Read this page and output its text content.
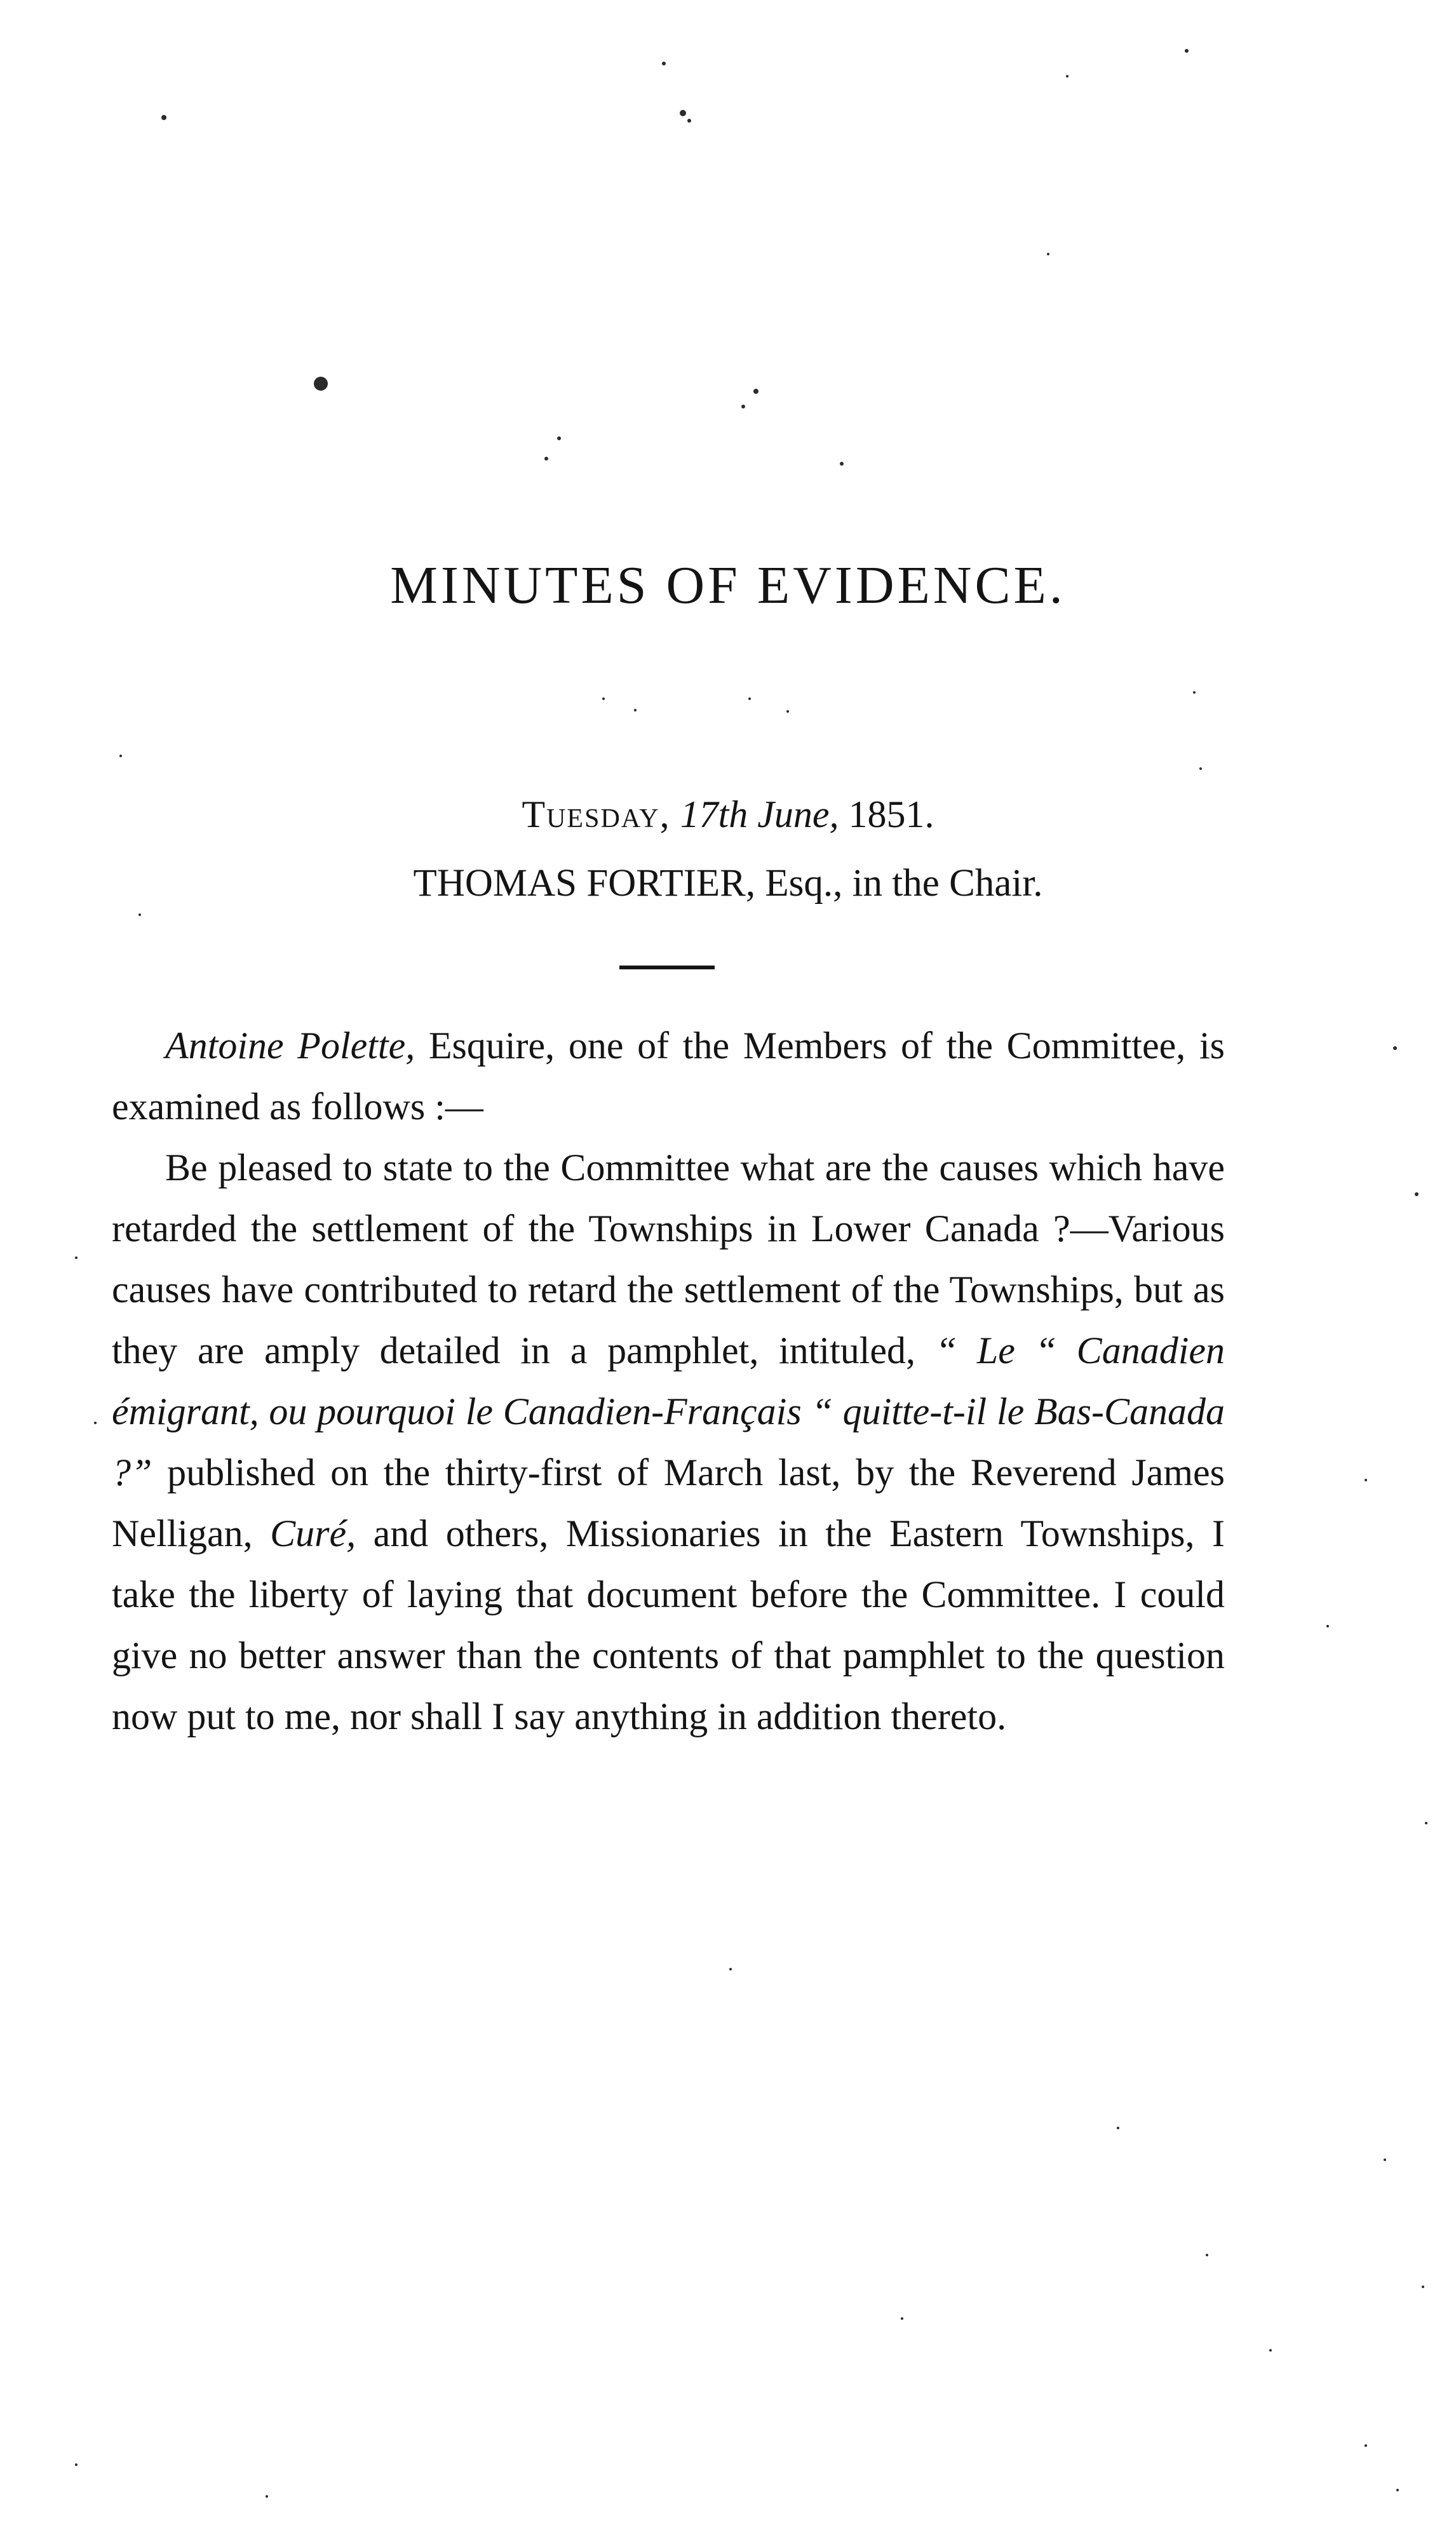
MINUTES OF EVIDENCE.
Tuesday, 17th June, 1851.
THOMAS FORTIER, Esq., in the Chair.

Antoine Polette, Esquire, one of the Members of the Committee, is examined as follows :—

Be pleased to state to the Committee what are the causes which have retarded the settlement of the Townships in Lower Canada ?—Various causes have contributed to retard the settlement of the Townships, but as they are amply detailed in a pamphlet, intituled, “ Le “ Canadien émigrant, ou pourquoi le Canadien-Français “ quitte-t-il le Bas-Canada ?” published on the thirty-first of March last, by the Reverend James Nelligan, Curé, and others, Missionaries in the Eastern Townships, I take the liberty of laying that document before the Committee. I could give no better answer than the contents of that pamphlet to the question now put to me, nor shall I say anything in addition thereto.
